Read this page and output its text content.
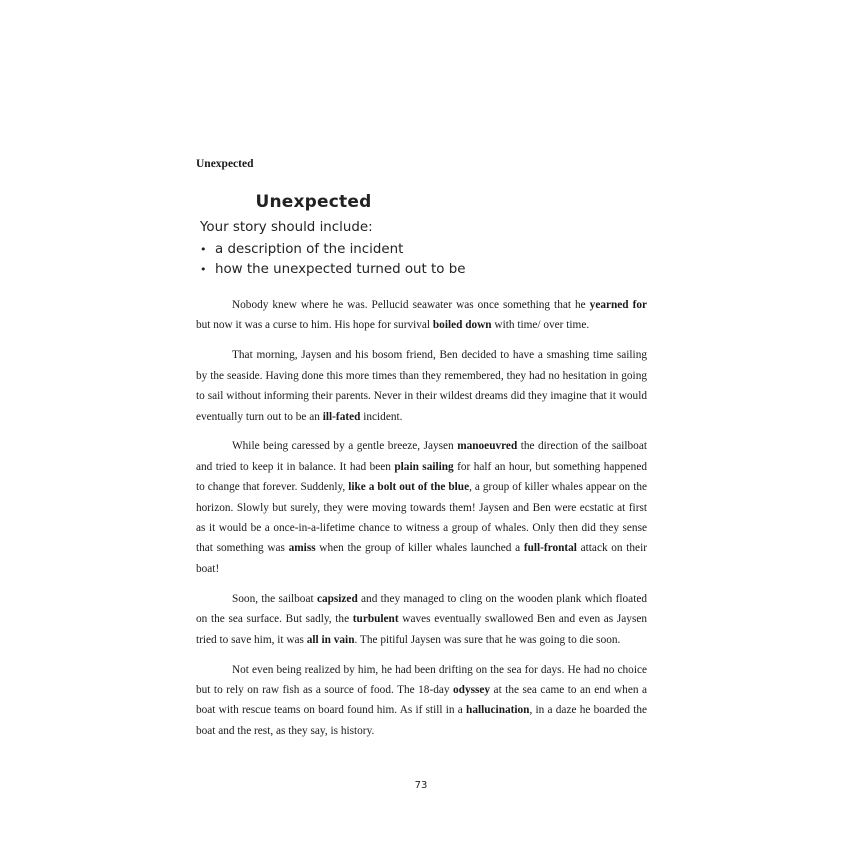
Unexpected

Unexpected

Your story should include:

• a description of the incident
• how the unexpected turned out to be

Nobody knew where he was. Pellucid seawater was once something that he yearned for but now it was a curse to him. His hope for survival boiled down with time/ over time.

That morning, Jaysen and his bosom friend, Ben decided to have a smashing time sailing by the seaside. Having done this more times than they remembered, they had no hesitation in going to sail without informing their parents. Never in their wildest dreams did they imagine that it would eventually turn out to be an ill-fated incident.

While being caressed by a gentle breeze, Jaysen manoeuvred the direction of the sailboat and tried to keep it in balance. It had been plain sailing for half an hour, but something happened to change that forever. Suddenly, like a bolt out of the blue, a group of killer whales appear on the horizon. Slowly but surely, they were moving towards them! Jaysen and Ben were ecstatic at first as it would be a once-in-a-lifetime chance to witness a group of whales. Only then did they sense that something was amiss when the group of killer whales launched a full-frontal attack on their boat!

Soon, the sailboat capsized and they managed to cling on the wooden plank which floated on the sea surface. But sadly, the turbulent waves eventually swallowed Ben and even as Jaysen tried to save him, it was all in vain. The pitiful Jaysen was sure that he was going to die soon.

Not even being realized by him, he had been drifting on the sea for days. He had no choice but to rely on raw fish as a source of food. The 18-day odyssey at the sea came to an end when a boat with rescue teams on board found him. As if still in a hallucination, in a daze he boarded the boat and the rest, as they say, is history.

73
